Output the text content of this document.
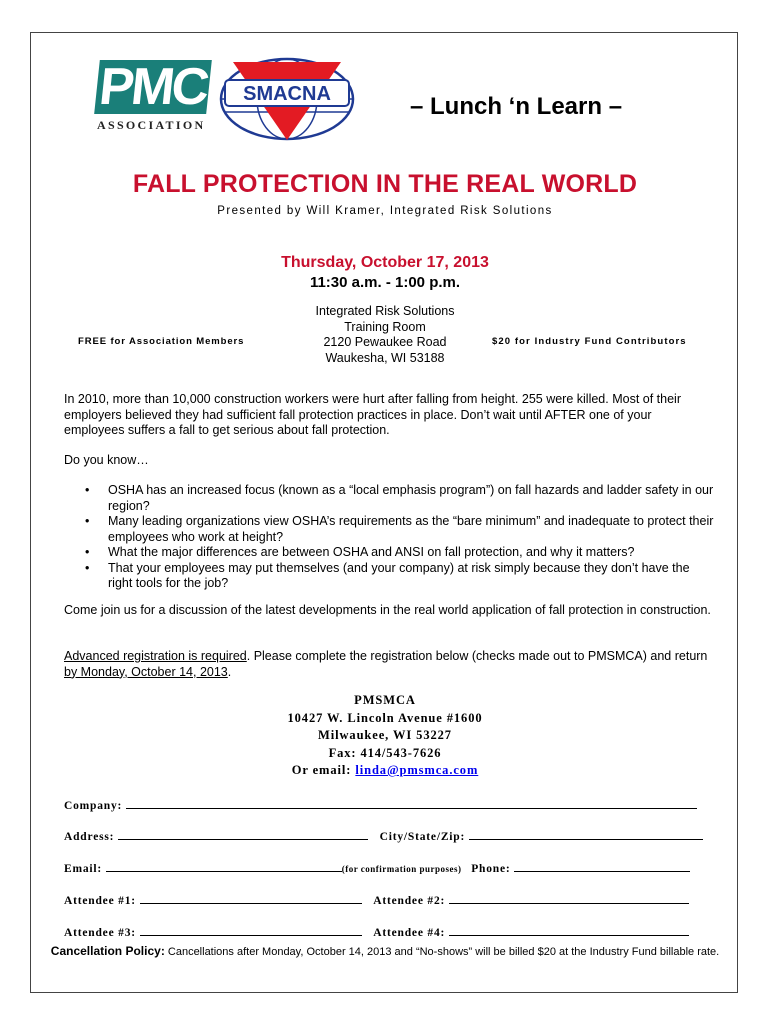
PMC
ASSOCIATION
SMACNA	– Lunch ‘n Learn –
FALL PROTECTION IN THE REAL WORLD
Presented by Will Kramer, Integrated Risk Solutions
Thursday, October 17, 2013
11:30 a.m. - 1:00 p.m.
Integrated Risk Solutions
Training Room
2120 Pewaukee Road
Waukesha, WI 53188
FREE for Association Members	$20 for Industry Fund Contributors
In 2010, more than 10,000 construction workers were hurt after falling from height. 255 were killed. Most of their employers believed they had sufficient fall protection practices in place. Don’t wait until AFTER one of your employees suffers a fall to get serious about fall protection.
Do you know…
• OSHA has an increased focus (known as a “local emphasis program”) on fall hazards and ladder safety in our region?
• Many leading organizations view OSHA’s requirements as the “bare minimum” and inadequate to protect their employees who work at height?
• What the major differences are between OSHA and ANSI on fall protection, and why it matters?
• That your employees may put themselves (and your company) at risk simply because they don’t have the right tools for the job?
Come join us for a discussion of the latest developments in the real world application of fall protection in construction.
Advanced registration is required. Please complete the registration below (checks made out to PMSMCA) and return by Monday, October 14, 2013.
PMSMCA
10427 W. Lincoln Avenue #1600
Milwaukee, WI 53227
Fax: 414/543-7626
Or email: linda@pmsmca.com
Company:
Address:	City/State/Zip:
Email:	(for confirmation purposes) Phone:
Attendee #1:	Attendee #2:
Attendee #3:	Attendee #4:
Cancellation Policy: Cancellations after Monday, October 14, 2013 and “No-shows” will be billed $20 at the Industry Fund billable rate.
